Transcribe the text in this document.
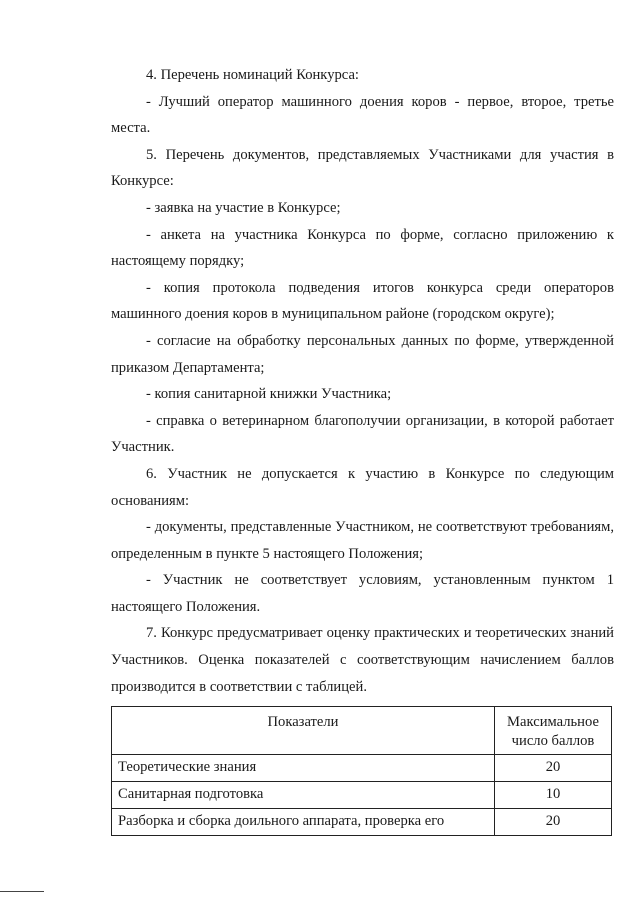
4. Перечень номинаций Конкурса:

- Лучший оператор машинного доения коров - первое, второе, третье места.

5. Перечень документов, представляемых Участниками для участия в Конкурсе:

- заявка на участие в Конкурсе;

- анкета на участника Конкурса по форме, согласно приложению к настоящему порядку;

- копия протокола подведения итогов конкурса среди операторов машинного доения коров в муниципальном районе (городском округе);

- согласие на обработку персональных данных по форме, утвержденной приказом Департамента;

- копия санитарной книжки Участника;

- справка о ветеринарном благополучии организации, в которой работает Участник.

6. Участник не допускается к участию в Конкурсе по следующим основаниям:

- документы, представленные Участником, не соответствуют требованиям, определенным в пункте 5 настоящего Положения;

- Участник не соответствует условиям, установленным пунктом 1 настоящего Положения.

7. Конкурс предусматривает оценку практических и теоретических знаний Участников. Оценка показателей с соответствующим начислением баллов производится в соответствии с таблицей.

Показатели	Максимальное число баллов
Теоретические знания	20
Санитарная подготовка	10
Разборка и сборка доильного аппарата, проверка его	20
